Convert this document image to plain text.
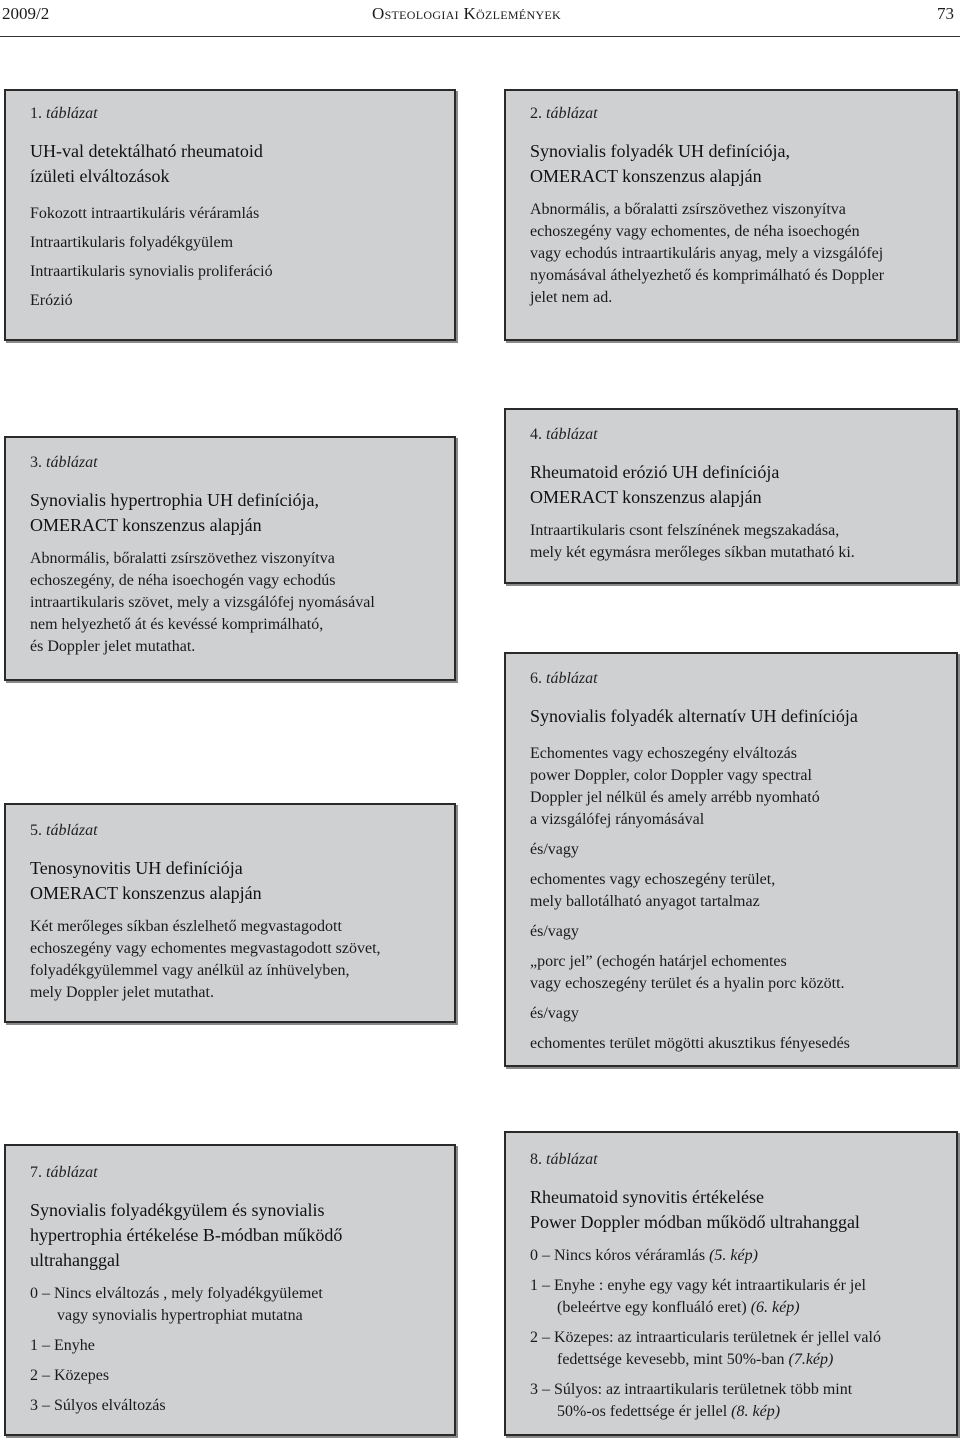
2009/2	Osteologiai Közlemények	73
1. táblázat
UH-val detektálható rheumatoid
ízületi elváltozások
Fokozott intraartikuláris véráramlás
Intraartikularis folyadékgyülem
Intraartikularis synovialis proliferáció
Erózió
2. táblázat
Synovialis folyadék UH definíciója,
OMERACT konszenzus alapján
Abnormális, a bőralatti zsírszövethez viszonyítva
echoszegény vagy echomentes, de néha isoechogén
vagy echodús intraartikuláris anyag, mely a vizsgálófej
nyomásával áthelyezhető és komprimálható és Doppler
jelet nem ad.
3. táblázat
Synovialis hypertrophia UH definíciója,
OMERACT konszenzus alapján
Abnormális, bőralatti zsírszövethez viszonyítva
echoszegény, de néha isoechogén vagy echodús
intraartikularis szövet, mely a vizsgálófej nyomásával
nem helyezhető át és kevéssé komprimálható,
és Doppler jelet mutathat.
4. táblázat
Rheumatoid erózió UH definíciója
OMERACT konszenzus alapján
Intraartikularis csont felszínének megszakadása,
mely két egymásra merőleges síkban mutatható ki.
5. táblázat
Tenosynovitis UH definíciója
OMERACT konszenzus alapján
Két merőleges síkban észlelhető megvastagodott
echoszegény vagy echomentes megvastagodott szövet,
folyadékgyülemmel vagy anélkül az ínhüvelyben,
mely Doppler jelet mutathat.
6. táblázat
Synovialis folyadék alternatív UH definíciója
Echomentes vagy echoszegény elváltozás
power Doppler, color Doppler vagy spectral
Doppler jel nélkül és amely arrébb nyomható
a vizsgálófej rányomásával
és/vagy
echomentes vagy echoszegény terület,
mely ballotálható anyagot tartalmaz
és/vagy
„porc jel” (echogén határjel echomentes
vagy echoszegény terület és a hyalin porc között.
és/vagy
echomentes terület mögötti akusztikus fényesedés
7. táblázat
Synovialis folyadékgyülem és synovialis
hypertrophia értékelése B-módban működő
ultrahanggal
0 – Nincs elváltozás , mely folyadékgyülemet
vagy synovialis hypertrophiat mutatna
1 – Enyhe
2 – Közepes
3 – Súlyos elváltozás
8. táblázat
Rheumatoid synovitis értékelése
Power Doppler módban működő ultrahanggal
0 – Nincs kóros véráramlás (5. kép)
1 – Enyhe : enyhe egy vagy két intraartikularis ér jel
(beleértve egy konfluáló eret) (6. kép)
2 – Közepes: az intraarticularis területnek ér jellel való
fedettsége kevesebb, mint 50%-ban (7.kép)
3 – Súlyos: az intraartikularis területnek több mint
50%-os fedettsége ér jellel (8. kép)
